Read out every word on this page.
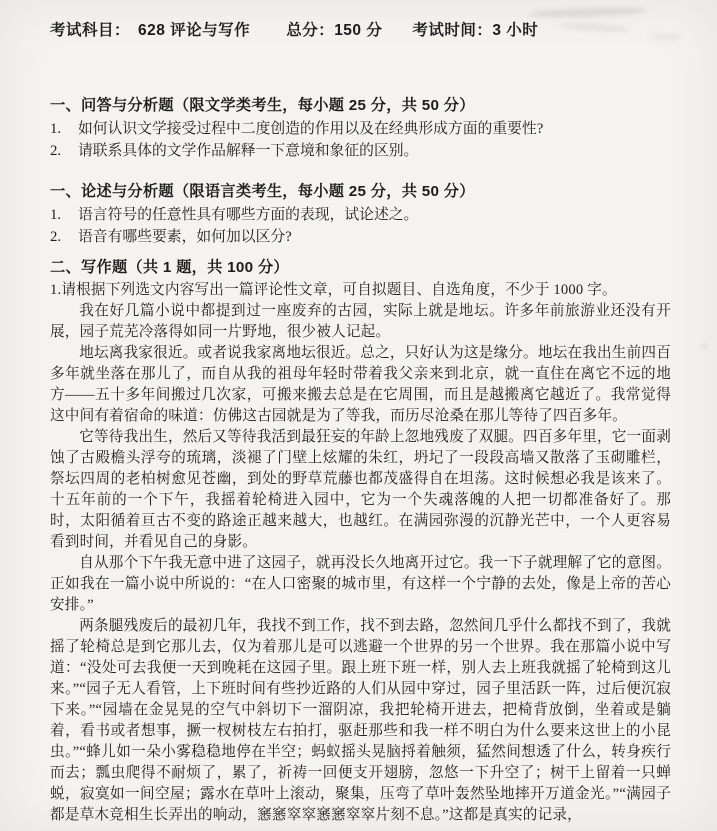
考试科目： 628 评论与写作 总分：150 分 考试时间：3 小时
一、问答与分析题（限文学类考生，每小题 25 分，共 50 分）
1.	如何认识文学接受过程中二度创造的作用以及在经典形成方面的重要性?
2.	请联系具体的文学作品解释一下意境和象征的区别。
一、论述与分析题（限语言类考生，每小题 25 分，共 50 分）
1.	语言符号的任意性具有哪些方面的表现，试论述之。
2.	语音有哪些要素，如何加以区分?
二、写作题（共 1 题，共 100 分）
1.请根据下列选文内容写出一篇评论性文章，可自拟题目、自选角度，不少于 1000 字。

我在好几篇小说中都提到过一座废弃的古园，实际上就是地坛。许多年前旅游业还没有开展，园子荒芜冷落得如同一片野地，很少被人记起。

地坛离我家很近。或者说我家离地坛很近。总之，只好认为这是缘分。地坛在我出生前四百多年就坐落在那儿了，而自从我的祖母年轻时带着我父亲来到北京，就一直住在离它不远的地方——五十多年间搬过几次家，可搬来搬去总是在它周围，而且是越搬离它越近了。我常觉得这中间有着宿命的味道：仿佛这古园就是为了等我，而历尽沧桑在那儿等待了四百多年。

它等待我出生，然后又等待我活到最狂妄的年龄上忽地残废了双腿。四百多年里，它一面剥蚀了古殿檐头浮夸的琉璃，淡褪了门壁上炫耀的朱红，坍圮了一段段高墙又散落了玉砌雕栏，祭坛四周的老柏树愈见苍幽，到处的野草荒藤也都茂盛得自在坦荡。这时候想必我是该来了。十五年前的一个下午，我摇着轮椅进入园中，它为一个失魂落魄的人把一切都准备好了。那时，太阳循着亘古不变的路途正越来越大，也越红。在满园弥漫的沉静光芒中，一个人更容易看到时间，并看见自己的身影。

自从那个下午我无意中进了这园子，就再没长久地离开过它。我一下子就理解了它的意图。正如我在一篇小说中所说的：“在人口密聚的城市里，有这样一个宁静的去处，像是上帝的苦心安排。”

两条腿残废后的最初几年，我找不到工作，找不到去路，忽然间几乎什么都找不到了，我就摇了轮椅总是到它那儿去，仅为着那儿是可以逃避一个世界的另一个世界。我在那篇小说中写道：“没处可去我便一天到晚耗在这园子里。跟上班下班一样，别人去上班我就摇了轮椅到这儿来。”“园子无人看管，上下班时间有些抄近路的人们从园中穿过，园子里活跃一阵，过后便沉寂下来。”“园墙在金晃晃的空气中斜切下一溜阴凉，我把轮椅开进去，把椅背放倒，坐着或是躺着，看书或者想事，撅一杈树枝左右拍打，驱赶那些和我一样不明白为什么要来这世上的小昆虫。”“蜂儿如一朵小雾稳稳地停在半空；蚂蚁摇头晃脑捋着触须，猛然间想透了什么，转身疾行而去；瓢虫爬得不耐烦了，累了，祈祷一回便支开翅膀，忽悠一下升空了；树干上留着一只蝉蜕，寂寞如一间空屋；露水在草叶上滚动，聚集，压弯了草叶轰然坠地摔开万道金光。”“满园子都是草木竞相生长弄出的响动，窸窸窣窣窸窸窣窣片刻不息。”这都是真实的记录，
